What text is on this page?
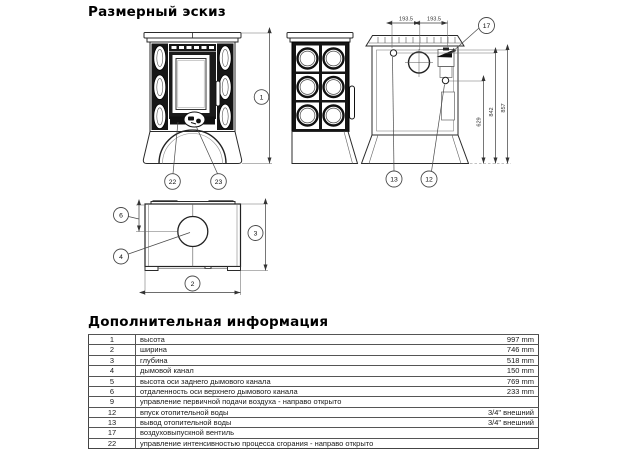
Размерный эскиз
1
22	23
193.5	193.5
17
629
842 857
13	12
6
4
3
2
Дополнительная информация
1	высота	997 mm
2	ширина	746 mm
3	глубина	518 mm
4	дымовой канал	150 mm
5	высота оси заднего дымового канала	769 mm
6	отдаленность оси верхнего дымового канала	233 mm
9	управление первичной подачи воздуха - направо открыто	
12	впуск отопительной воды	3/4" внешний
13	вывод отопительной воды	3/4" внешний
17	воздуховыпускной вентиль	
22	управление интенсивностью процесса сгорания - направо открыто	
